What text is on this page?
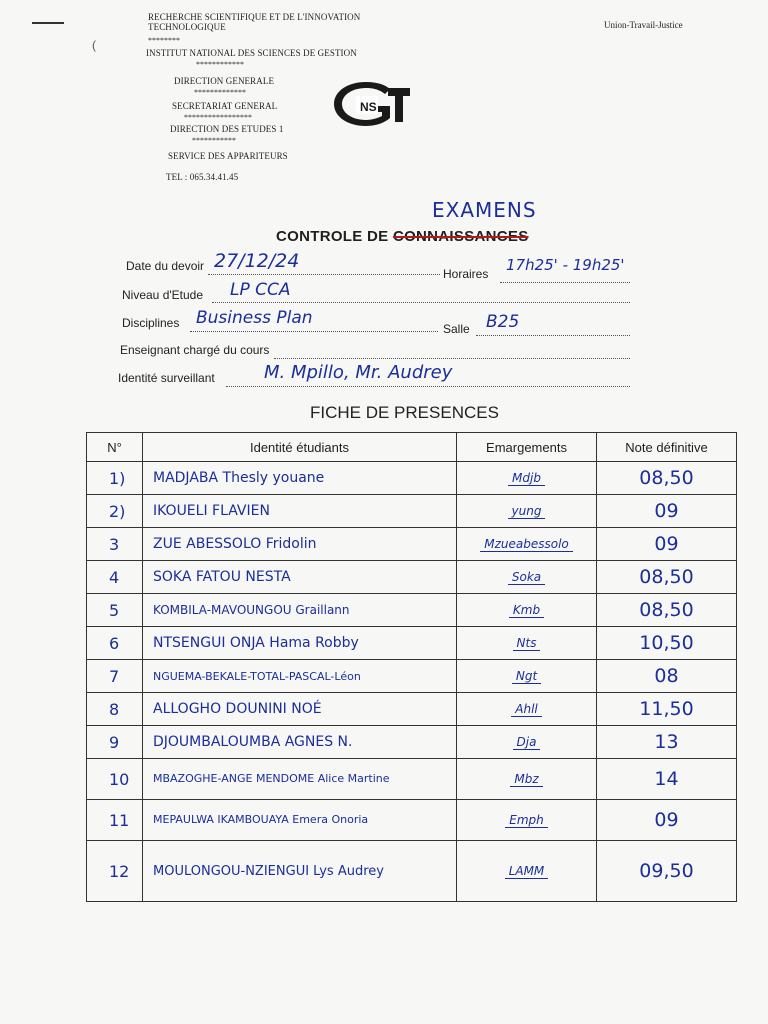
(
RECHERCHE SCIENTIFIQUE ET DE L'INNOVATION TECHNOLOGIQUE
********
INSTITUT NATIONAL DES SCIENCES DE GESTION
************
DIRECTION GENERALE
*************
SECRETARIAT GENERAL
*****************
DIRECTION DES ETUDES 1
***********
SERVICE DES APPARITEURS
TEL : 065.34.41.45
Union-Travail-Justice
NS
EXAMENS
CONTROLE DE CONNAISSANCES
Date du devoir 27/12/24
Horaires 17h25' - 19h25'
Niveau d'Etude LP CCA
Disciplines Business Plan
Salle B25
Enseignant chargé du cours
Identité surveillant	M. Mpillo, Mr. Audrey
FICHE DE PRESENCES
N°	Identité étudiants	Emargements	Note définitive
1)	MADJABA Thesly youane	Mdjb	08,50
2)	IKOUELI FLAVIEN	yung	09
3	ZUE ABESSOLO Fridolin	Mzueabessolo	09
4	SOKA FATOU NESTA	Soka	08,50
5	KOMBILA-MAVOUNGOU Graillann	Kmb	08,50
6	NTSENGUI ONJA Hama Robby	Nts	10,50
7	NGUEMA-BEKALE-TOTAL-PASCAL-Léon	Ngt	08
8	ALLOGHO DOUNINI NOÉ	Ahll	11,50
9	DJOUMBALOUMBA AGNES N.	Dja	13
10	MBAZOGHE-ANGE MENDOME Alice Martine	Mbz	14
11	MEPAULWA IKAMBOUAYA Emera Onoria	Emph	09
12	MOULONGOU-NZIENGUI Lys Audrey	LAMM	09,50
